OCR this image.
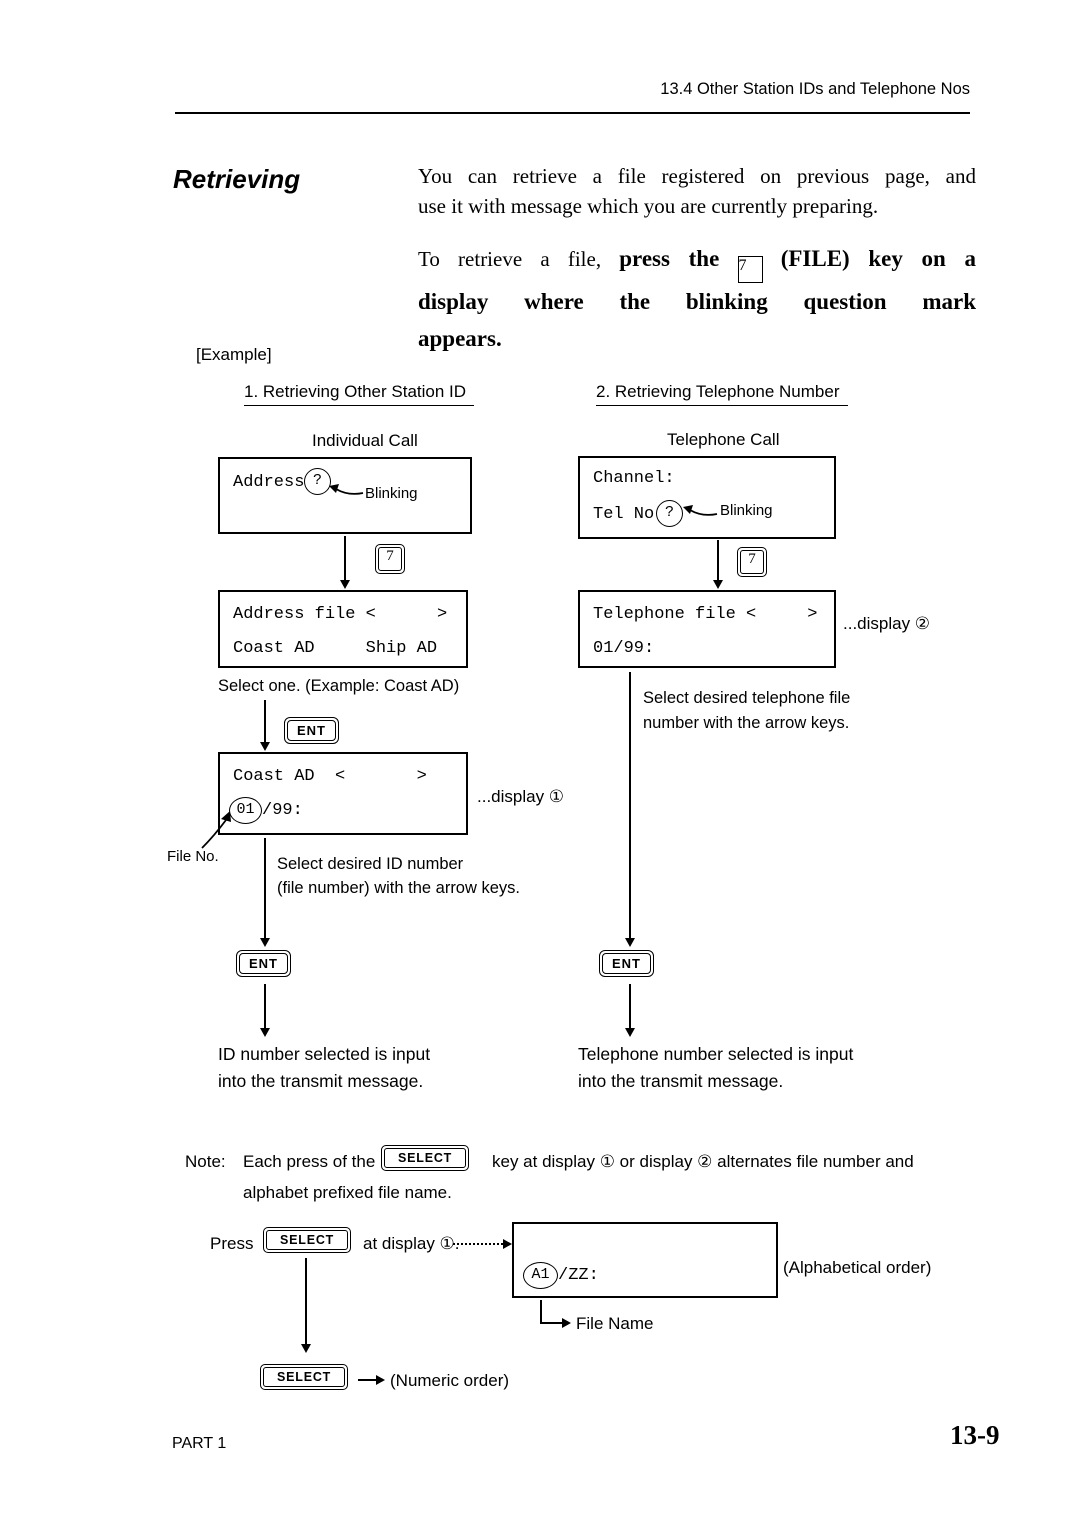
13.4 Other Station IDs and Telephone Nos
Retrieving	You can retrieve a file registered on previous page, and
use it with message which you are currently preparing.
To retrieve a file, press the 7 (FILE) key on a
display where the blinking question mark
appears.
[Example]
1. Retrieving Other Station ID	2. Retrieving Telephone Number
Individual Call	Telephone Call
Address ?
Blinking
Channel:
Tel No ?	Blinking
7	7
Address file <      >
Coast AD     Ship AD
Telephone file <     >
01/99:
...display ②
Select one. (Example: Coast AD)
Select desired telephone file
number with the arrow keys.
ENT
Coast AD  <       >
01 /99:
...display ①
File No.	Select desired ID number
(file number) with the arrow keys.
ENT	ENT
ID number selected is input
into the transmit message.
Telephone number selected is input
into the transmit message.
Note: Each press of the	SELECT	key at display ① or display ② alternates file number and
alphabet prefixed file name.
Press	SELECT	at display ①.
A1 /ZZ:	(Alphabetical order)
File Name
SELECT	(Numeric order)
PART 1	13-9
